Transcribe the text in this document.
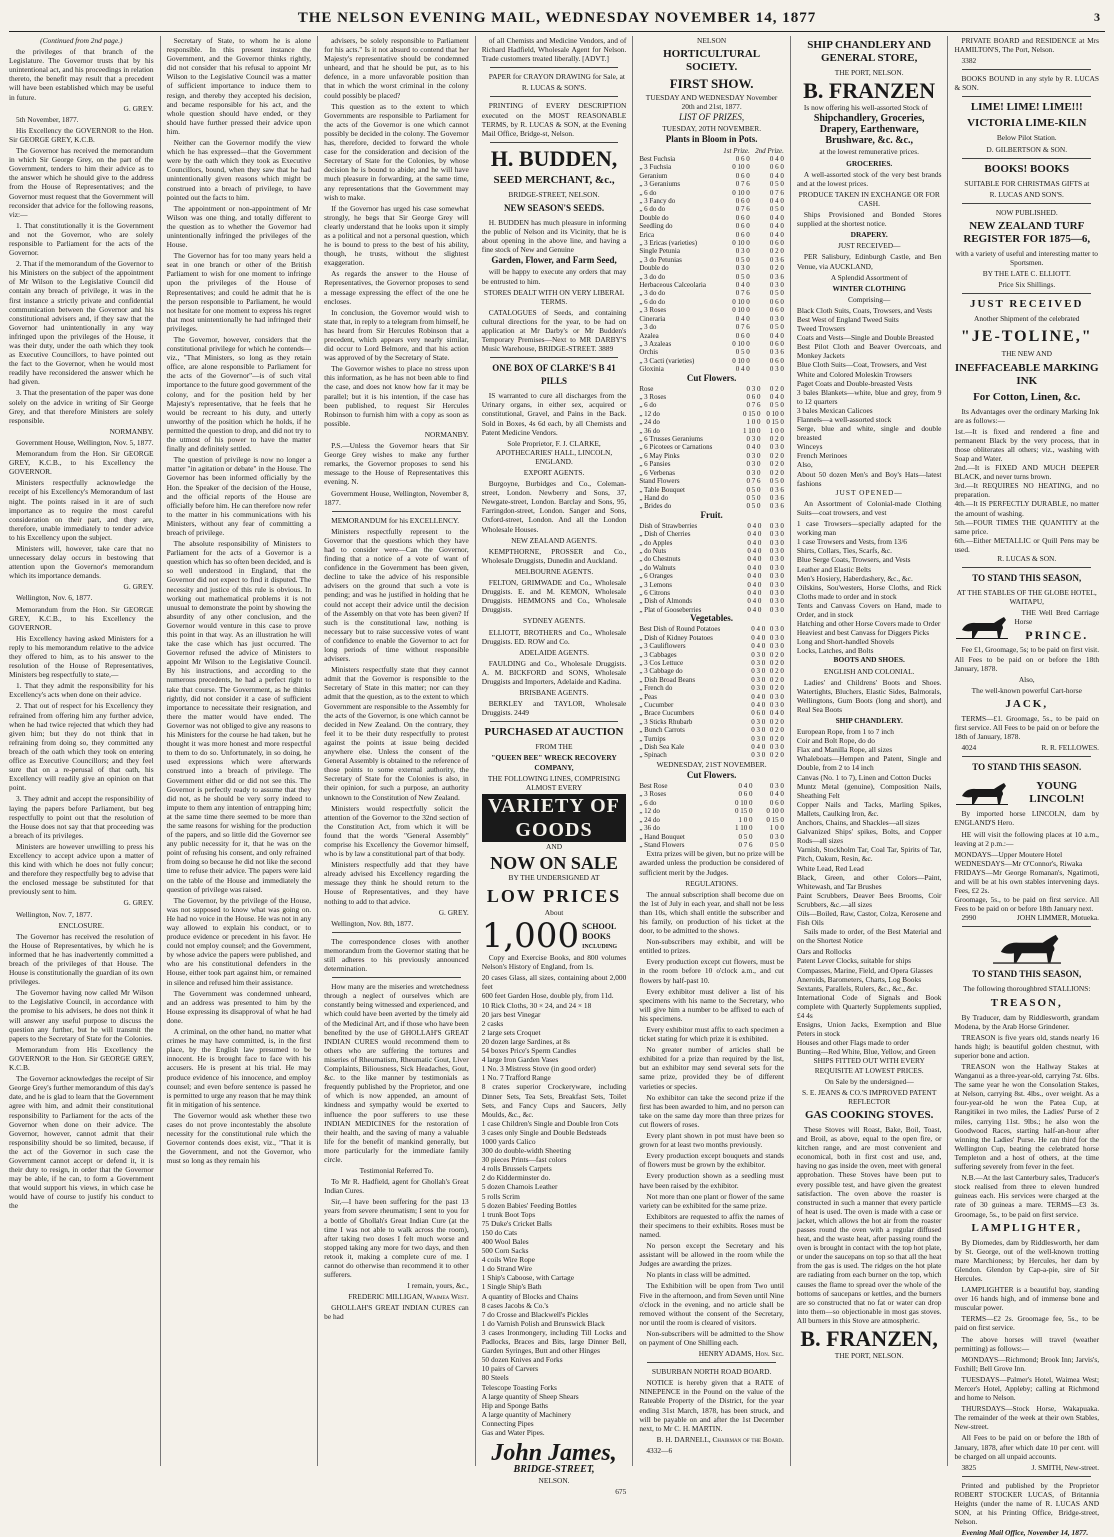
THE NELSON EVENING MAIL, WEDNESDAY NOVEMBER 14, 1877	3

(Continued from 2nd page.)

the privileges of that branch of the Legislature. The Governor trusts that by his unintentional act, and his proceedings in relation thereto, the benefit may result that a precedent will have been established which may be useful in future.

G. GREY.

5th November, 1877.

His Excellency the GOVERNOR to the Hon. Sir GEORGE GREY, K.C.B.

The Governor has received the memorandum in which Sir George Grey, on the part of the Government, tenders to him their advice as to the answer which he should give to the address from the House of Representatives; and the Governor must request that the Government will reconsider that advice for the following reasons, viz:—

1. That constitutionally it is the Government and not the Governor, who are solely responsible to Parliament for the acts of the Governor.

2. That if the memorandum of the Governor to his Ministers on the subject of the appointment of Mr Wilson to the Legislative Council did contain any breach of privilege, it was in the first instance a strictly private and confidential communication between the Governor and his constitutional advisers and, if they saw that the Governor had unintentionally in any way infringed upon the privileges of the House, it was their duty, under the oath which they took as Executive Councillors, to have pointed out the fact to the Governor, when he would most readily have reconsidered the answer which he had given.

3. That the presentation of the paper was done solely on the advice in writing of Sir George Grey, and that therefore Ministers are solely responsible.

NORMANBY.

Government House, Wellington, Nov. 5, 1877.

Memorandum from the Hon. Sir GEORGE GREY, K.C.B., to his Excellency the GOVERNOR.

Ministers respectfully acknowledge the receipt of his Excellency's Memorandum of last night. The points raised in it are of such importance as to require the most careful consideration on their part, and they are, therefore, unable immediately to tender advice to his Excellency upon the subject.

Ministers will, however, take care that no unnecessary delay occurs in bestowing that attention upon the Governor's memorandum which its importance demands.

G. GREY.

Wellington, Nov. 6, 1877.

Memorandum from the Hon. Sir GEORGE GREY, K.C.B., to his Excellency the GOVERNOR.

His Excellency having asked Ministers for a reply to his memorandum relative to the advice they offered to him, as to his answer to the resolution of the House of Representatives, Ministers beg respectfully to state,—

1. That they admit the responsibility for his Excellency's acts when done on their advice.

2. That out of respect for his Excellency they refrained from offering him any further advice, when he had twice rejected that which they had given him; but they do not think that in refraining from doing so, they committed any breach of the oath which they took on entering office as Executive Councillors; and they feel sure that on a re-perusal of that oath, his Excellency will readily give an opinion on that point.

3. They admit and accept the responsibility of laying the papers before Parliament, but beg respectfully to point out that the resolution of the House does not say that that proceeding was a breach of its privileges.

Ministers are however unwilling to press his Excellency to accept advice upon a matter of this kind with which he does not fully concur; and therefore they respectfully beg to advise that the enclosed message be substituted for that previously sent to him.

G. GREY.

Wellington, Nov. 7, 1877.

ENCLOSURE.

The Governor has received the resolution of the House of Representatives, by which he is informed that he has inadvertently committed a breach of the privileges of that House. The House is constitutionally the guardian of its own privileges.

The Governor having now called Mr Wilson to the Legislative Council, in accordance with the promise to his advisers, he does not think it will answer any useful purpose to discuss the question any further, but he will transmit the papers to the Secretary of State for the Colonies.

Memorandum from His Excellency the GOVERNOR to the Hon. Sir GEORGE GREY, K.C.B.

The Governor acknowledges the receipt of Sir George Grey's further memorandum of this day's date, and he is glad to learn that the Government agree with him, and admit their constitutional responsibility to Parliament for the acts of the Governor when done on their advice. The Governor, however, cannot admit that their responsibility should be so limited, because, if the act of the Governor in such case the Government cannot accept or defend it, it is their duty to resign, in order that the Governor may be able, if he can, to form a Government that would support his views, in which case he would have of course to justify his conduct to the

Secretary of State, to whom he is alone responsible. In this present instance the Government, and the Governor thinks rightly, did not consider that his refusal to appoint Mr Wilson to the Legislative Council was a matter of sufficient importance to induce them to resign, and thereby they accepted his decision, and became responsible for his act, and the whole question should have ended, or they should have further pressed their advice upon him.

Neither can the Governor modify the view which he has expressed—that the Government were by the oath which they took as Executive Councillors, bound, when they saw that he had unintentionally given reasons which might be construed into a breach of privilege, to have pointed out the facts to him.

The appointment or non-appointment of Mr Wilson was one thing, and totally different to the question as to whether the Governor had unintentionally infringed the privileges of the House.

The Governor has for too many years held a seat in one branch or other of the British Parliament to wish for one moment to infringe upon the privileges of the House of Representatives; and could he admit that he is the person responsible to Parliament, he would not hesitate for one moment to express his regret that most unintentionally he had infringed their privileges.

The Governor, however, considers that the constitutional privilege for which he contends—viz., "That Ministers, so long as they retain office, are alone responsible to Parliament for the acts of the Governor"—is of such vital importance to the future good government of the colony, and for the position held by her Majesty's representative, that he feels that he would be recreant to his duty, and utterly unworthy of the position which he holds, if he permitted the question to drop, and did not try to the utmost of his power to have the matter finally and definitely settled.

The question of privilege is now no longer a matter "in agitation or debate" in the House. The Governor has been informed officially by the Hon. the Speaker of the decision of the House, and the official reports of the House are officially before him. He can therefore now refer to the matter in his communications with his Ministers, without any fear of committing a breach of privilege.

The absolute responsibility of Ministers to Parliament for the acts of a Governor is a question which has so often been decided, and is so well understood in England, that the Governor did not expect to find it disputed. The necessity and justice of this rule is obvious. In working out mathematical problems it is not unusual to demonstrate the point by showing the absurdity of any other conclusion, and the Governor would venture in this case to prove this point in that way. As an illustration he will take the case which has just occurred. The Governor refused the advice of Ministers to appoint Mr Wilson to the Legislative Council. By his instructions, and according to the numerous precedents, he had a perfect right to take that course. The Government, as he thinks rightly, did not consider it a case of sufficient importance to necessitate their resignation, and there the matter would have ended. The Governor was not obliged to give any reasons to his Ministers for the course he had taken, but he thought it was more honest and more respectful to them to do so. Unfortunately, in so doing, he used expressions which were afterwards construed into a breach of privilege. The Government either did or did not see this. The Governor is perfectly ready to assume that they did not, as he should be very sorry indeed to impute to them any intention of entrapping him; at the same time there seemed to be more than the same reasons for wishing for the production of the papers, and so little did the Governor see any public necessity for it, that he was on the point of refusing his consent, and only refrained from doing so because he did not like the second time to refuse their advice. The papers were laid on the table of the House and immediately the question of privilege was raised.

The Governor, by the privilege of the House, was not supposed to know what was going on. He had no voice in the House. He was not in any way allowed to explain his conduct, or to produce evidence or precedent in his favor. He could not employ counsel; and the Government, by whose advice the papers were published, and who are his constitutional defenders in the House, either took part against him, or remained in silence and refused him their assistance.

The Government was condemned unheard, and an address was presented to him by the House expressing its disapproval of what he had done.

A criminal, on the other hand, no matter what crimes he may have committed, is, in the first place, by the English law presumed to be innocent. He is brought face to face with his accusers. He is present at his trial. He may produce evidence of his innocence, and employ counsel; and even before sentence is passed he is permitted to urge any reason that he may think fit in mitigation of his sentence.

The Governor would ask whether these two cases do not prove incontestably the absolute necessity for the constitutional rule which the Governor contends does exist, viz., "That it is the Government, and not the Governor, who must so long as they remain his

advisers, be solely responsible to Parliament for his acts." Is it not absurd to contend that her Majesty's representative should be condemned unheard, and that he should be put, as to his defence, in a more unfavorable position than that in which the worst criminal in the colony could possibly be placed?

This question as to the extent to which Governments are responsible to Parliament for the acts of the Governor is one which cannot possibly be decided in the colony. The Governor has, therefore, decided to forward the whole case for the consideration and decision of the Secretary of State for the Colonies, by whose decision he is bound to abide; and he will have much pleasure in forwarding, at the same time, any representations that the Government may wish to make.

If the Governor has urged his case somewhat strongly, he begs that Sir George Grey will clearly understand that he looks upon it simply as a political and not a personal question, which he is bound to press to the best of his ability, though, he trusts, without the slightest exaggeration.

As regards the answer to the House of Representatives, the Governor proposes to send a message expressing the effect of the one he encloses.

In conclusion, the Governor would wish to state that, in reply to a telegram from himself, he has heard from Sir Hercules Robinson that a precedent, which appears very nearly similar, did occur to Lord Belmore, and that his action was approved of by the Secretary of State.

The Governor wishes to place no stress upon this information, as he has not been able to find the case, and does not know how far it may be parallel; but it is his intention, if the case has been published, to request Sir Hercules Robinson to furnish him with a copy as soon as possible.

NORMANBY.

P.S.—Unless the Governor hears that Sir George Grey wishes to make any further remarks, the Governor proposes to send his message to the House of Representatives this evening. N.

Government House, Wellington, November 8, 1877.

MEMORANDUM for his EXCELLENCY.

Ministers respectfully represent to the Governor that the questions which they have had to consider were—Can the Governor, finding that a notice of a vote of want of confidence in the Government has been given, decline to take the advice of his responsible advisers on the ground that such a vote is pending; and was he justified in holding that he could not accept their advice until the decision of the Assembly on that vote has been given? If such is the constitutional law, nothing is necessary but to raise successive votes of want of confidence to enable the Governor to act for long periods of time without responsible advisers.

Ministers respectfully state that they cannot admit that the Governor is responsible to the Secretary of State in this matter; nor can they admit that the question, as to the extent to which Government are responsible to the Assembly for the acts of the Governor, is one which cannot be decided in New Zealand. On the contrary, they feel it to be their duty respectfully to protest against the points at issue being decided anywhere else. Unless the consent of the General Assembly is obtained to the reference of those points to some external authority, the Secretary of State for the Colonies is also, in their opinion, for such a purpose, an authority unknown to the Constitution of New Zealand.

Ministers would respectfully solicit the attention of the Governor to the 32nd section of the Constitution Act, from which it will be found that the words "General Assembly" comprise his Excellency the Governor himself, who is by law a constitutional part of that body.

Ministers respectfully add that they have already advised his Excellency regarding the message they think he should return to the House of Representatives, and they have nothing to add to that advice.

G. GREY.

Wellington, Nov. 8th, 1877.

The correspondence closes with another memorandum from the Governor stating that he still adheres to his previously announced determination.

How many are the miseries and wretchedness through a neglect of ourselves which are constantly being witnessed and experienced, and which could have been averted by the timely aid of the Medicinal Art, and if those who have been benefited by the use of GHOLLAH'S GREAT INDIAN CURES would recommend them to others who are suffering the tortures and miseries of Rheumatism, Rheumatic Gout, Liver Complaints, Biliousness, Sick Headaches, Gout, &c. to the like manner by testimonials as frequently published by the Proprietor, and one of which is now appended, an amount of kindness and sympathy would be exerted to influence the poor sufferers to use these INDIAN MEDICINES for the restoration of their health, and the saving of many a valuable life for the benefit of mankind generally, but more particularly for the immediate family circle.

Testimonial Referred To.

To Mr R. Hadfield, agent for Ghollah's Great Indian Cures.

Sir,—I have been suffering for the past 13 years from severe rheumatism; I sent to you for a bottle of Ghollah's Great Indian Cure (at the time I was not able to walk across the room), after taking two doses I felt much worse and stopped taking any more for two days, and then retook it, making a complete cure of me. I cannot do otherwise than recommend it to other sufferers.

I remain, yours, &c.,

FREDERIC MILLIGAN, Waimea West.

GHOLLAH'S GREAT INDIAN CURES can be had

of all Chemists and Medicine Vendors, and of Richard Hadfield, Wholesale Agent for Nelson. Trade customers treated liberally. [ADVT.]

PAPER for CRAYON DRAWING for Sale, at

R. LUCAS & SON'S.

PRINTING of EVERY DESCRIPTION executed on the MOST REASONABLE TERMS, by R. LUCAS & SON, at the Evening Mail Office, Bridge-st, Nelson.

H. BUDDEN,
SEED MERCHANT, &c.,

BRIDGE-STREET, NELSON.

NEW SEASON'S SEEDS.

H. BUDDEN has much pleasure in informing the public of Nelson and its Vicinity, that he is about opening in the above line, and having a fine stock of New and Genuine

Garden, Flower, and Farm Seed,

will be happy to execute any orders that may be entrusted to him.

STORES DEALT WITH ON VERY LIBERAL TERMS.

CATALOGUES of Seeds, and containing cultural directions for the year, to be had on application at Mr Darby's or Mr Budden's Temporary Premises—Next to MR DARBY'S Music Warehouse, BRIDGE-STREET. 3889

ONE BOX OF CLARKE'S B 41 PILLS

IS warranted to cure all discharges from the Urinary organs, in either sex, acquired or constitutional, Gravel, and Pains in the Back. Sold in Boxes, 4s 6d each, by all Chemists and Patent Medicine Vendors.

Sole Proprietor, F. J. CLARKE, APOTHECARIES' HALL, LINCOLN, ENGLAND.

EXPORT AGENTS.

Burgoyne, Burbidges and Co., Coleman-street, London. Newberry and Sons, 37, Newgate-street, London. Barclay and Sons, 95, Farringdon-street, London. Sanger and Sons, Oxford-street, London. And all the London Wholesale Houses.

NEW ZEALAND AGENTS.

KEMPTHORNE, PROSSER and Co., Wholesale Druggists, Dunedin and Auckland.

MELBOURNE AGENTS.

FELTON, GRIMWADE and Co., Wholesale Druggists. E. and M. KEMON, Wholesale Druggists. HEMMONS and Co., Wholesale Druggists.

SYDNEY AGENTS.

ELLIOTT, BROTHERS and Co., Wholesale Druggists. ED. ROW and Co.

ADELAIDE AGENTS.

FAULDING and Co., Wholesale Druggists. A. M. BICKFORD and SONS, Wholesale Druggists and Importers, Adelaide and Kadina.

BRISBANE AGENTS.

BERKLEY and TAYLOR, Wholesale Druggists. 2449

PURCHASED AT AUCTION

FROM THE

"QUEEN BEE" WRECK RECOVERY COMPANY,

THE FOLLOWING LINES, COMPRISING ALMOST EVERY

VARIETY OF GOODS

AND

NOW ON SALE

BY THE UNDERSIGNED AT

LOW PRICES

About

1,000 SCHOOL BOOKS including

Copy and Exercise Books, and 800 volumes Nelson's History of England, from 1s.

20 cases Glass, all sizes, containing about 2,000 feet

600 feet Garden Hose, double ply, from 11d.

10 Rick Cloths, 30 × 24, and 24 × 18

20 jars best Vinegar

2 casks

2 large sets Croquet

20 dozen large Sardines, at 8s

54 boxes Price's Sperm Candles

4 large Iron Garden Vases

1 No. 3 Mistress Stove (in good order)

1 No. 7 Trafford Range

8 crates superior Crockeryware, including Dinner Sets, Tea Sets, Breakfast Sets, Toilet Sets, and Fancy Cups and Saucers, Jelly Moulds, &c., &c.

1 case Children's Single and Double Iron Cots

3 cases only Single and Double Bedsteads

1000 yards Calico

300 do double-width Sheeting

30 pieces Prints—fast colors

4 rolls Brussels Carpets

2 do Kidderminster do.

5 dozen Chamois Leather

5 rolls Scrim

5 dozen Babies' Feeding Bottles

1 trunk Boot Tops

75 Duke's Cricket Balls

150 do Cats

400 Wool Bales

500 Corn Sacks

4 coils Wire Rope

1 do Strand Wire

1 Ship's Caboose, with Cartage

1 Single Ship's Bath

A quantity of Blocks and Chains

8 cases Jacobs & Co.'s

7 do Crosse and Blackwell's Pickles

1 do Varnish Polish and Brunswick Black

3 cases Ironmongery, including Till Locks and Padlocks, Braces and Bits, large Dinner Bell, Garden Syringes, Butt and other Hinges

50 dozen Knives and Forks

10 pairs of Carvers

80 Steels

Telescope Toasting Forks

A large quantity of Sheep Shears

Hip and Sponge Baths

A large quantity of Machinery

Connecting Pipes

Gas and Water Pipes.

John James,

BRIDGE-STREET,

NELSON.

675

NELSON

HORTICULTURAL SOCIETY.
FIRST SHOW.

TUESDAY AND WEDNESDAY November 20th and 21st, 1877.

LIST OF PRIZES,

TUESDAY, 20TH NOVEMBER.

Plants in Bloom in Pots.

	1st Prize.	2nd Prize.
Best Fuchsia	0 6 0	0 4 0
„ 3 Fuchsia	0 10 0	0 6 0
Geranium	0 6 0	0 4 0
„ 3 Geraniums	0 7 6	0 5 0
„ 6 do	0 10 0	0 7 6
„ 3 Fancy do	0 6 0	0 4 0
„ 6 do do	0 7 6	0 5 0
Double do	0 6 0	0 4 0
Seedling do	0 6 0	0 4 0
Erica	0 6 0	0 4 0
„ 3 Ericas (varieties)	0 10 0	0 6 0
Single Petunia	0 3 0	0 2 0
„ 3 do Petunias	0 5 0	0 3 6
Double do	0 3 0	0 2 0
„ 3 do do	0 5 0	0 3 6
Herbaceous Calceolaria	0 4 0	0 3 0
„ 3 do do	0 7 6	0 5 0
„ 6 do do	0 10 0	0 6 0
„ 3 Roses	0 10 0	0 6 0
Cineraria	0 4 0	0 3 0
„ 3 do	0 7 6	0 5 0
Azalea	0 6 0	0 4 0
„ 3 Azaleas	0 10 0	0 6 0
Orchis	0 5 0	0 3 6
„ 3 Cacti (varieties)	0 10 0	0 6 0
Gloxinia	0 4 0	0 3 0

Cut Flowers.

Rose	0 3 0	0 2 0
„ 3 Roses	0 6 0	0 4 0
„ 6 do	0 7 6	0 5 0
„ 12 do	0 15 0	0 10 0
„ 24 do	1 0 0	0 15 0
„ 36 do	1 10 0	1 0 0
„ 6 Trusses Geraniums	0 3 0	0 2 0
„ 6 Picotees or Carnations	0 4 0	0 3 0
„ 6 May Pinks	0 3 0	0 2 0
„ 6 Pansies	0 3 0	0 2 0
„ 6 Verbenas	0 3 0	0 2 0
Stand Flowers	0 7 6	0 5 0
„ Table Bouquet	0 5 0	0 3 6
„ Hand do	0 5 0	0 3 6
„ Brides do	0 5 0	0 3 6

Fruit.

Dish of Strawberries	0 4 0	0 3 0
„ Dish of Cherries	0 4 0	0 3 0
„ do Apples	0 4 0	0 3 0
„ do Nuts	0 4 0	0 3 0
„ do Chestnuts	0 4 0	0 3 0
„ do Walnuts	0 4 0	0 3 0
„ 6 Oranges	0 4 0	0 3 0
„ 3 Lemons	0 4 0	0 3 0
„ 6 Citrons	0 4 0	0 3 0
„ Dish of Almonds	0 4 0	0 3 0
„ Plat of Gooseberries	0 4 0	0 3 0

Vegetables.

Best Dish of Round Potatoes	0 4 0	0 3 0
„ Dish of Kidney Potatoes	0 4 0	0 3 0
„ 3 Cauliflowers	0 4 0	0 3 0
„ 3 Cabbages	0 3 0	0 2 0
„ 3 Cos Lettuce	0 3 0	0 2 0
„ 3 Cabbage do	0 3 0	0 2 0
„ Dish Broad Beans	0 3 0	0 2 0
„ French do	0 3 0	0 2 0
„ Peas	0 4 0	0 3 0
„ Cucumber	0 4 0	0 3 0
„ Brace Cucumbers	0 6 0	0 4 0
„ 3 Sticks Rhubarb	0 3 0	0 2 0
„ Bunch Carrots	0 3 0	0 2 0
„ Turnips	0 3 0	0 2 0
„ Dish Sea Kale	0 4 0	0 3 0
„ Spinach	0 3 0	0 2 0

WEDNESDAY, 21ST NOVEMBER.

Cut Flowers.

Best Rose	0 4 0	0 3 0
„ 3 Roses	0 6 0	0 4 0
„ 6 do	0 10 0	0 6 0
„ 12 do	0 15 0	0 10 0
„ 24 do	1 0 0	0 15 0
„ 36 do	1 10 0	1 0 0
„ Hand Bouquet	0 5 0	0 3 0
„ Stand Flowers	0 7 6	0 5 0

Extra prizes will be given, but no prize will be awarded unless the production be considered of sufficient merit by the Judges.

REGULATIONS.

The annual subscription shall become due on the 1st of July in each year, and shall not be less than 10s, which shall entitle the subscriber and his family, on production of his ticket at the door, to be admitted to the shows.

Non-subscribers may exhibit, and will be entitled to prizes.

Every production except cut flowers, must be in the room before 10 o'clock a.m., and cut flowers by half-past 10.

Every exhibitor must deliver a list of his specimens with his name to the Secretary, who will give him a number to be affixed to each of his specimens.

Every exhibitor must affix to each specimen a ticket stating for which prize it is exhibited.

No greater number of articles shall be exhibited for a prize than required by the list, but an exhibitor may send several sets for the same prize, provided they be of different varieties or species.

No exhibitor can take the second prize if the first has been awarded to him, and no person can take on the same day more than three prizes for cut flowers of roses.

Every plant shown in pot must have been so grown for at least two months previously.

Every production except bouquets and stands of flowers must be grown by the exhibitor.

Every production shown as a seedling must have been raised by the exhibitor.

Not more than one plant or flower of the same variety can be exhibited for the same prize.

Exhibitors are requested to affix the names of their specimens to their exhibits. Roses must be named.

No person except the Secretary and his assistant will be allowed in the room while the Judges are awarding the prizes.

No plants in class will be admitted.

The Exhibition will be open from Two until Five in the afternoon, and from Seven until Nine o'clock in the evening, and no article shall be removed without the consent of the Secretary, nor until the room is cleared of visitors.

Non-subscribers will be admitted to the Show on payment of One Shilling each.

HENRY ADAMS, Hon. Sec.

SUBURBAN NORTH ROAD BOARD.

NOTICE is hereby given that a RATE of NINEPENCE in the Pound on the value of the Rateable Property of the District, for the year ending 31st March, 1878, has been struck, and will be payable on and after the 1st December next, to Mr C. H. MARTIN.

B. H. DARNELL, Chairman of the Board.

4332—6

SHIP CHANDLERY AND GENERAL STORE,

THE PORT, NELSON.

B. FRANZEN

Is now offering his well-assorted Stock of

Shipchandlery, Groceries,

Drapery, Earthenware,

Brushware, &c. &c.,

at the lowest remunerative prices.

GROCERIES.

A well-assorted stock of the very best brands and at the lowest prices.

PRODUCE TAKEN IN EXCHANGE OR FOR CASH.

Ships Provisioned and Bonded Stores supplied at the shortest notice.

DRAPERY.

JUST RECEIVED—

PER Salisbury, Edinburgh Castle, and Ben Venue, via AUCKLAND,

A Splendid Assortment of

WINTER CLOTHING

Comprising—

Black Cloth Suits, Coats, Trowsers, and Vests

Best West of England Tweed Suits

Tweed Trowsers

Coats and Vests—Single and Double Breasted

Best Pilot Cloth and Beaver Overcoats, and Monkey Jackets

Blue Cloth Suits—Coat, Trowsers, and Vest

White and Colored Moleskin Trowsers

Paget Coats and Double-breasted Vests

3 bales Blankets—white, blue and grey, from 9 to 12 quarters

3 bales Mexican Calicoes

Flannels—a well-assorted stock

Serge, blue and white, single and double breasted

Winceys

French Merinoes

Also,

About 50 dozen Men's and Boy's Hats—latest fashions

JUST OPENED—

An Assortment of Colonial-made Clothing Suits—coat trowsers, and vest

1 case Trowsers—specially adapted for the working man

1 case Trowsers and Vests, from 13/6

Shirts, Collars, Ties, Scarfs, &c.

Blue Serge Coats, Trowsers, and Vests

Leather and Elastic Belts

Men's Hosiery, Haberdashery, &c., &c.

Oilskins, Sou'westers, Horse Cloths, and Rick Cloths made to order and in stock

Tents and Canvass Covers on Hand, made to Order, and in stock

Hatching and other Horse Covers made to Order

Heaviest and best Canvass for Diggers Picks

Long and Short-handled Shovels

Locks, Latches, and Bolts

BOOTS AND SHOES.

ENGLISH AND COLONIAL.

Ladies' and Childrens' Boots and Shoes. Watertights, Bluchers, Elastic Sides, Balmorals, Wellingtons, Gum Boots (long and short), and Real Sea Boots

SHIP CHANDLERY.

European Rope, from 1 to 7 inch

Coir and Bolt Rope, do do

Flax and Manilla Rope, all sizes

Whaleboats—Hempen and Patent, Single and Double, from 2 to 14 inch

Canvas (No. 1 to 7), Linen and Cotton Ducks

Muntz Metal (genuine), Composition Nails, Sheathing Felt

Copper Nails and Tacks, Marling Spikes, Mallets, Caulking Iron, &c.

Anchors, Chains, and Shackles—all sizes

Galvanized Ships' spikes, Bolts, and Copper Rods—all sizes

Varnish, Stockholm Tar, Coal Tar, Spirits of Tar, Pitch, Oakum, Resin, &c.

White Lead, Red Lead

Black, Green, and other Colors—Paint, Whitewash, and Tar Brushes

Paint Scrubbers, Deaver Bees Brooms, Coir Scrubbers, &c.—all sizes

Oils—Boiled, Raw, Castor, Colza, Kerosene and Fish Oils

Sails made to order, of the Best Material and on the Shortest Notice

Oars and Rollocks

Patent Lever Clocks, suitable for ships

Compasses, Marine, Field, and Opera Glasses

Aneroids, Barometers, Charts, Log Books

Sextants, Parallels, Rulers, &c., &c., &c.

International Code of Signals and Book complete with Quarterly Supplements supplied, £4 4s

Ensigns, Union Jacks, Exemption and Blue Peters in stock

Houses and other Flags made to order

Bunting—Red White, Blue, Yellow, and Green

SHIPS FITTED OUT WITH EVERY REQUISITE AT LOWEST PRICES.

On Sale by the undersigned—

S. E. JEANS & CO.'S IMPROVED PATENT REFLECTOR

GAS COOKING STOVES.

These Stoves will Roast, Bake, Boil, Toast, and Broil, as above, equal to the open fire, or kitchen range, and are most convenient and economical, both in first cost and use, and, having no gas inside the oven, meet with general approbation. These Stoves have been put to every possible test, and have given the greatest satisfaction. The oven above the roaster is constructed in such a manner that every particle of heat is used. The oven is made with a case or jacket, which allows the hot air from the roaster passes round the oven with a regular diffused heat, and the waste heat, after passing round the oven is brought in contact with the top hot plate, or under the saucepans on top so that all the heat from the gas is used. The ridges on the hot plate are radiating from each burner on the top, which causes the flame to spread over the whole of the bottoms of saucepans or kettles, and the burners are so constructed that no fat or water can drop into them—so objectionable in most gas stoves. All burners in this Stove are atmospheric.

B. FRANZEN,

THE PORT, NELSON.

PRIVATE BOARD and RESIDENCE at Mrs HAMILTON'S, The Port, Nelson.

3382

BOOKS BOUND in any style by R. LUCAS & SON.

LIME! LIME! LIME!!!
VICTORIA LIME-KILN

Below Pilot Station.

D. GILBERTSON & SON.

BOOKS! BOOKS

SUITABLE FOR CHRISTMAS GIFTS at

R. LUCAS AND SON'S.

NOW PUBLISHED.

NEW ZEALAND TURF REGISTER FOR 1875—6,

with a variety of useful and interesting matter to Sportsmen.

BY THE LATE C. ELLIOTT.

Price Six Shillings.

JUST RECEIVED

Another Shipment of the celebrated

"JE-TOLINE,"

THE NEW AND

INEFFACEABLE MARKING INK
For Cotton, Linen, &c.

Its Advantages over the ordinary Marking Ink are as follows:—

1st.—It is fixed and rendered a fine and permanent Black by the very process, that in those obliterates all others; viz., washing with Soap and Water.

2nd.—It is FIXED AND MUCH DEEPER BLACK, and never turns brown.

3rd.—It REQUIRES NO HEATING, and no preparation.

4th.—It IS PERFECTLY DURABLE, no matter the amount of washing.

5th.—FOUR TIMES THE QUANTITY at the same price.

6th.—Either METALLIC or Quill Pens may be used.

R. LUCAS & SON.

TO STAND THIS SEASON,

AT THE STABLES OF THE GLOBE HOTEL, WAITAPU,

THE Well Bred Carriage Horse

PRINCE.

Fee £1, Groomage, 5s; to be paid on first visit. All Fees to be paid on or before the 18th January, 1878.

Also,

The well-known powerful Cart-horse

JACK,

TERMS—£1. Groomage, 5s., to be paid on first service. All Fees to be paid on or before the 18th of January, 1878.

4024	R. R. FELLOWES.

TO STAND THIS SEASON.
YOUNG LINCOLN!

By imported horse LINCOLN, dam by ENGLAND'S Hero.

HE will visit the following places at 10 a.m., leaving at 2 p.m.:—

MONDAYS—Upper Moutere Hotel

WEDNESDAYS—Mr O'Connor's, Riwaka

FRIDAYS—Mr George Romanan's, Ngatimoti, and will be at his own stables intervening days. Fees, £2 2s.

Groomage, 5s., to be paid on first service. All Fees to be paid on or before 18th January next.

2990	JOHN LIMMER, Motueka.

TO STAND THIS SEASON,

The following thoroughbred STALLIONS:

TREASON,

By Traducer, dam by Riddlesworth, grandam Modena, by the Arab Horse Grindener.

TREASON is five years old, stands nearly 16 hands high; is beautiful golden chestnut, with superior bone and action.

TREASON won the Hallway Stakes at Wanganui as a three-year-old, carrying 7st. 6lbs. The same year he won the Consolation Stakes, at Nelson, carrying 8st. 4lbs., over weight. As a four-year-old he won the Patea Cup, at Rangitikei in two miles, the Ladies' Purse of 2 miles, carrying 11st. 9lbs.; he also won the Goodwood Races, starting half-an-hour after winning the Ladies' Purse. He ran third for the Wellington Cup, beating the celebrated horse Templeton and a host of others, at the time suffering severely from fever in the feet.

N.B.—At the last Canterbury sales, Traducer's stock realised from three to eleven hundred guineas each. His services were charged at the rate of 30 guineas a mare. TERMS—£3 3s. Groomage, 5s., to be paid on first service.

LAMPLIGHTER,

By Diomedes, dam by Riddlesworth, her dam by St. George, out of the well-known trotting mare Marchioness; by Hercules, her dam by Glendon. Glendon by Cap-a-pie, sire of Sir Hercules.

LAMPLIGHTER is a beautiful bay, standing over 16 hands high, and of immense bone and muscular power.

TERMS—£2 2s. Groomage fee, 5s., to be paid on first service.

The above horses will travel (weather permitting) as follows:—

MONDAYS—Richmond; Brook Inn; Jarvis's, Foxhill; Bell Grove Inn.

TUESDAYS—Palmer's Hotel, Waimea West; Mercer's Hotel, Appleby; calling at Richmond and home to Nelson.

THURSDAYS—Stock Horse, Wakapuaka. The remainder of the week at their own Stables, New-street.

All Fees to be paid on or before the 18th of January, 1878, after which date 10 per cent. will be charged on all unpaid accounts.

3825	J. SMITH, New-street.

Printed and published by the Proprietor ROBERT STOCKER LUCAS, of Britannia Heights (under the name of R. LUCAS AND SON, at his Printing Office, Bridge-street, Nelson.

Evening Mail Office, November 14, 1877.
